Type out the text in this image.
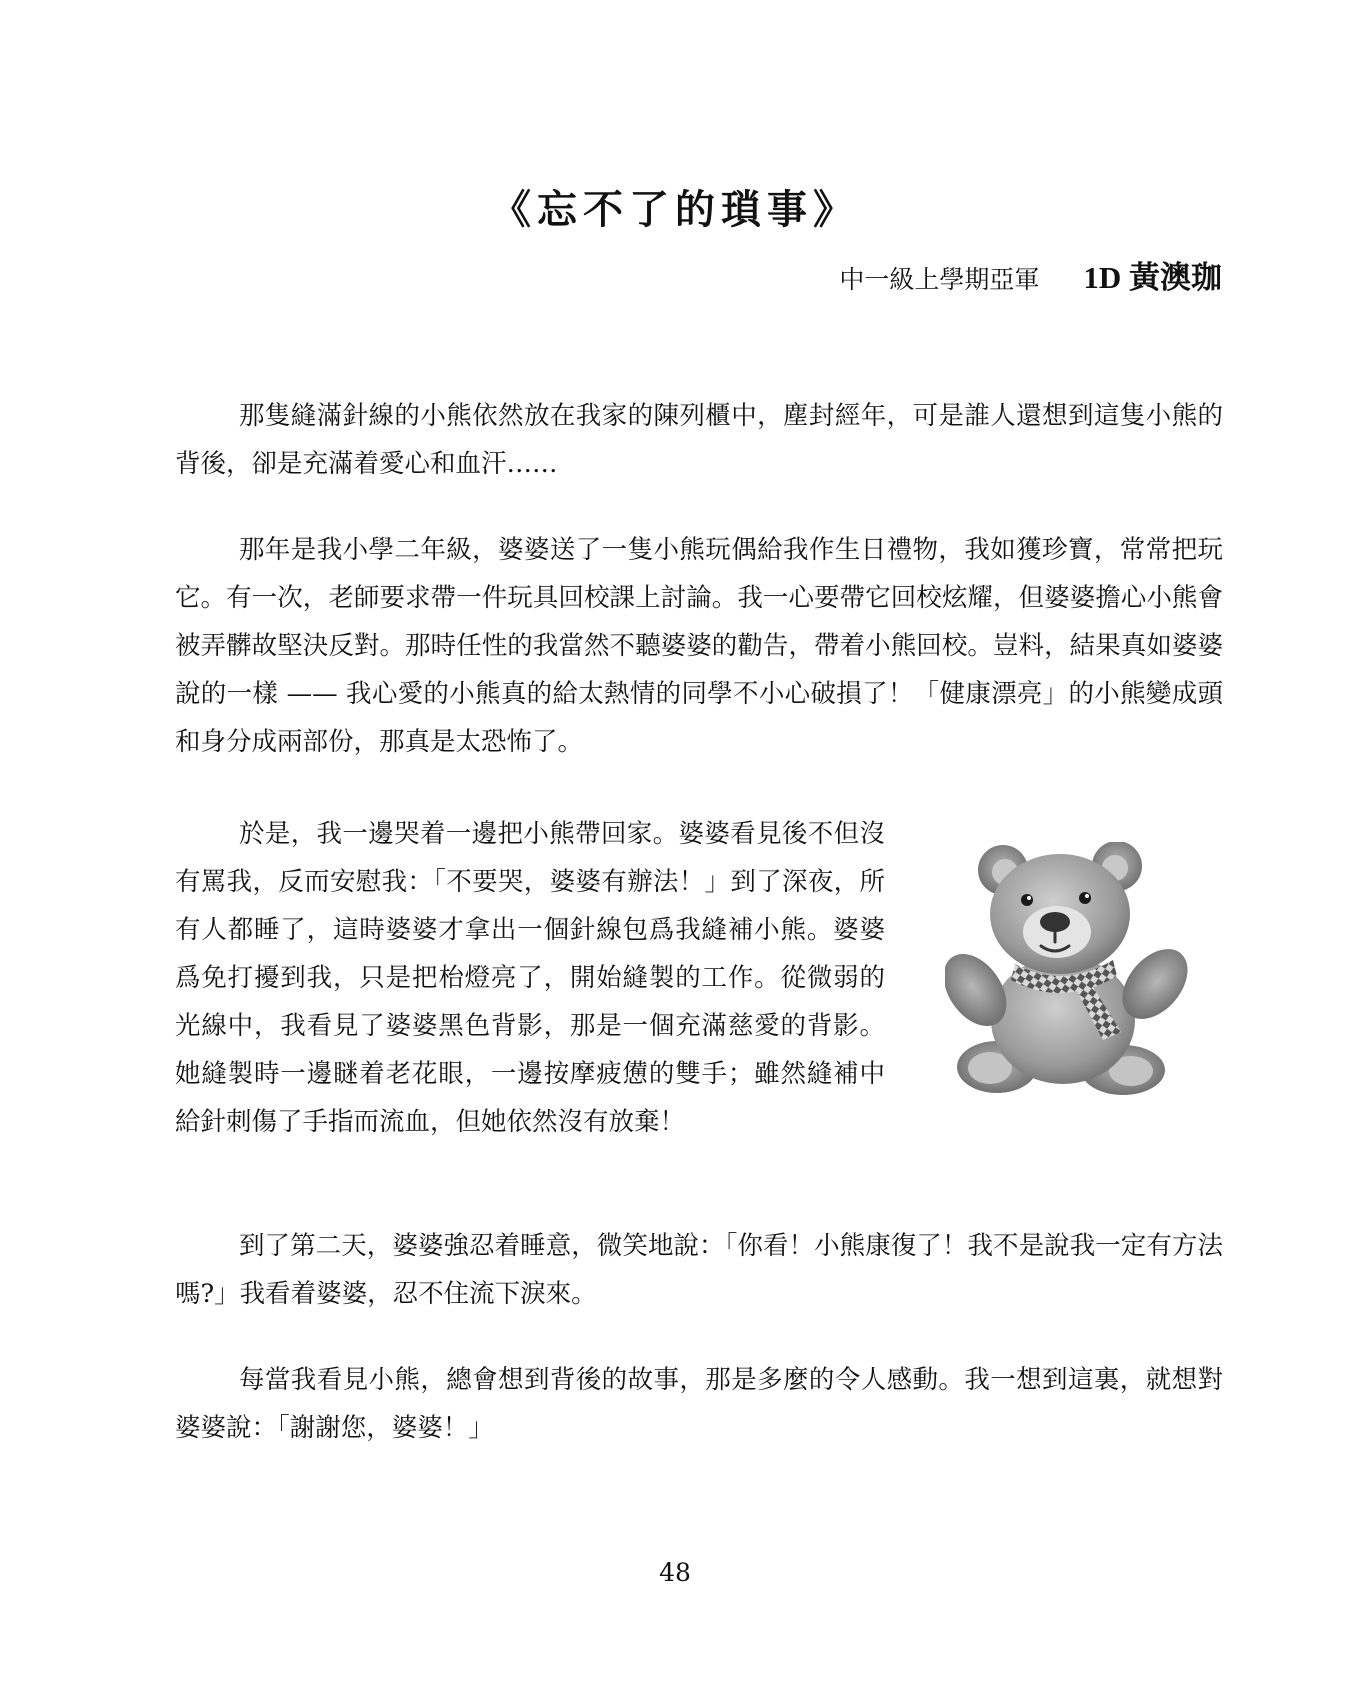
《忘不了的瑣事》
中一級上學期亞軍 1D 黃澳珈

那隻縫滿針線的小熊依然放在我家的陳列櫃中，塵封經年，可是誰人還想到這隻小熊的背後，卻是充滿着愛心和血汗……

那年是我小學二年級，婆婆送了一隻小熊玩偶給我作生日禮物，我如獲珍寶，常常把玩它。有一次，老師要求帶一件玩具回校課上討論。我一心要帶它回校炫耀，但婆婆擔心小熊會被弄髒故堅決反對。那時任性的我當然不聽婆婆的勸告，帶着小熊回校。豈料，結果真如婆婆說的一樣 —— 我心愛的小熊真的給太熱情的同學不小心破損了！「健康漂亮」的小熊變成頭和身分成兩部份，那真是太恐怖了。

於是，我一邊哭着一邊把小熊帶回家。婆婆看見後不但沒有罵我，反而安慰我：「不要哭，婆婆有辦法！」到了深夜，所有人都睡了，這時婆婆才拿出一個針線包爲我縫補小熊。婆婆爲免打擾到我，只是把枱燈亮了，開始縫製的工作。從微弱的光線中，我看見了婆婆黑色背影，那是一個充滿慈愛的背影。她縫製時一邊瞇着老花眼，一邊按摩疲憊的雙手；雖然縫補中給針刺傷了手指而流血，但她依然沒有放棄！

到了第二天，婆婆強忍着睡意，微笑地說：「你看！小熊康復了！我不是說我一定有方法嗎?」我看着婆婆，忍不住流下淚來。

每當我看見小熊，總會想到背後的故事，那是多麼的令人感動。我一想到這裏，就想對婆婆說：「謝謝您，婆婆！」

48
